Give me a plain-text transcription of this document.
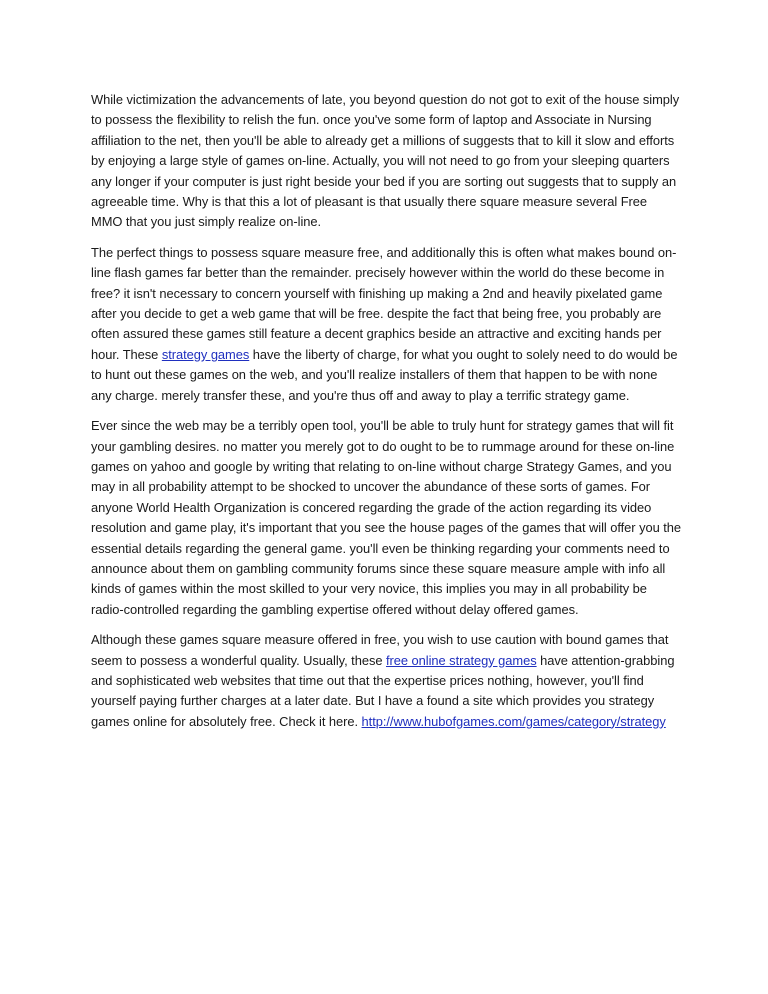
While victimization the advancements of late, you beyond question do not got to exit of the house simply to possess the flexibility to relish the fun. once you've some form of laptop and Associate in Nursing affiliation to the net, then you'll be able to already get a millions of suggests that to kill it slow and efforts by enjoying a large style of games on-line. Actually, you will not need to go from your sleeping quarters any longer if your computer is just right beside your bed if you are sorting out suggests that to supply an agreeable time. Why is that this a lot of pleasant is that usually there square measure several Free MMO that you just simply realize on-line.

The perfect things to possess square measure free, and additionally this is often what makes bound on-line flash games far better than the remainder. precisely however within the world do these become in free? it isn't necessary to concern yourself with finishing up making a 2nd and heavily pixelated game after you decide to get a web game that will be free. despite the fact that being free, you probably are often assured these games still feature a decent graphics beside an attractive and exciting hands per hour. These strategy games have the liberty of charge, for what you ought to solely need to do would be to hunt out these games on the web, and you'll realize installers of them that happen to be with none any charge. merely transfer these, and you're thus off and away to play a terrific strategy game.

Ever since the web may be a terribly open tool, you'll be able to truly hunt for strategy games that will fit your gambling desires. no matter you merely got to do ought to be to rummage around for these on-line games on yahoo and google by writing that relating to on-line without charge Strategy Games, and you may in all probability attempt to be shocked to uncover the abundance of these sorts of games. For anyone World Health Organization is concered regarding the grade of the action regarding its video resolution and game play, it's important that you see the house pages of the games that will offer you the essential details regarding the general game. you'll even be thinking regarding your comments need to announce about them on gambling community forums since these square measure ample with info all kinds of games within the most skilled to your very novice, this implies you may in all probability be radio-controlled regarding the gambling expertise offered without delay offered games.

Although these games square measure offered in free, you wish to use caution with bound games that seem to possess a wonderful quality. Usually, these free online strategy games have attention-grabbing and sophisticated web websites that time out that the expertise prices nothing, however, you'll find yourself paying further charges at a later date. But I have a found a site which provides you strategy games online for absolutely free. Check it here. http://www.hubofgames.com/games/category/strategy
